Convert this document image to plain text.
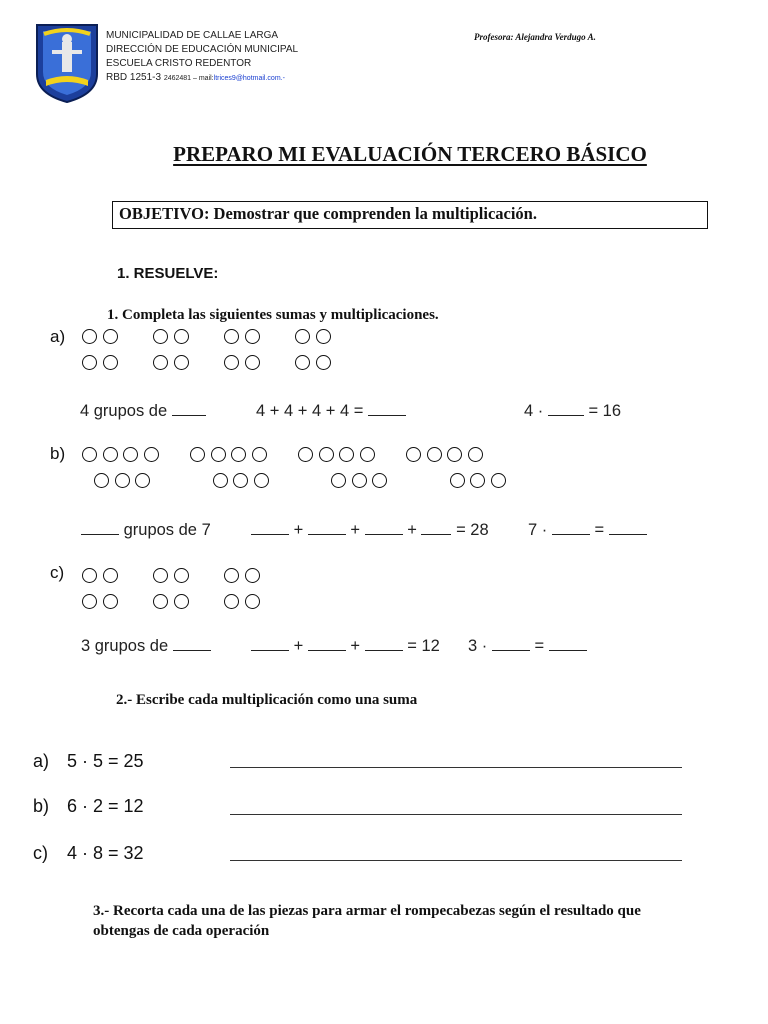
MUNICIPALIDAD DE CALLAE LARGA
DIRECCIÓN DE EDUCACIÓN MUNICIPAL
ESCUELA CRISTO REDENTOR
RBD 1251-3 2462481 – mail:ltrices9@hotmail.com.-
Profesora: Alejandra Verdugo A.
PREPARO MI EVALUACIÓN TERCERO BÁSICO
OBJETIVO: Demostrar que comprenden la multiplicación.
1. RESUELVE:
1. Completa las siguientes sumas y multiplicaciones.
a)

4 grupos de	4 + 4 + 4 + 4 =	4 ·	= 16
b)

grupos de 7	+	+	+ = 28 7 ·	=
c)

3 grupos de	+	+	= 12 3 ·	=
2.- Escribe cada multiplicación como una suma
a) 5 · 5 = 25
b) 6 · 2 = 12
c) 4 · 8 = 32
3.- Recorta cada una de las piezas para armar el rompecabezas según el resultado que obtengas de cada operación
